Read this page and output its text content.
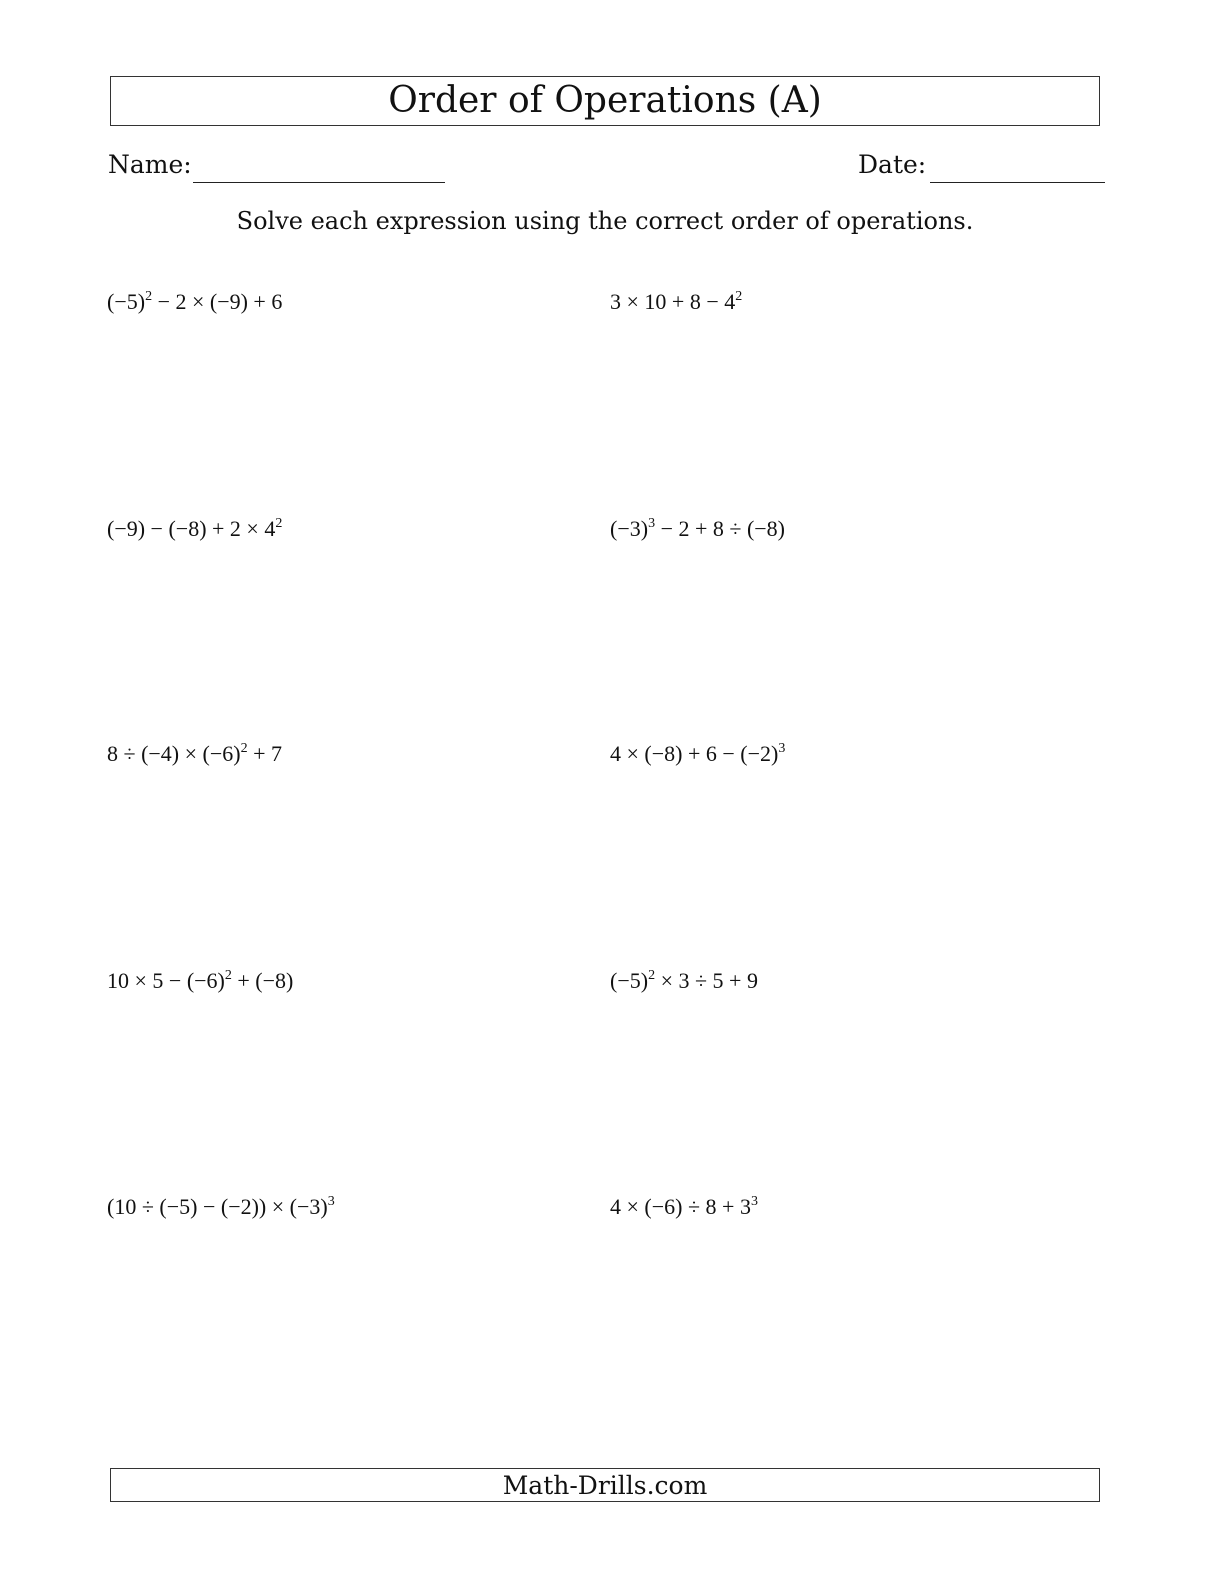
Order of Operations (A)
Name:	Date:
Solve each expression using the correct order of operations.
$(-5)^2 - 2 \times (-9) + 6$	$3 \times 10 + 8 - 4^2$
$(-9) - (-8) + 2 \times 4^2$	$(-3)^3 - 2 + 8 \div (-8)$
$8 \div (-4) \times (-6)^2 + 7$	$4 \times (-8) + 6 - (-2)^3$
$10 \times 5 - (-6)^2 + (-8)$	$(-5)^2 \times 3 \div 5 + 9$
$(10 \div (-5) - (-2)) \times (-3)^3$	$4 \times (-6) \div 8 + 3^3$
Math-Drills.com
